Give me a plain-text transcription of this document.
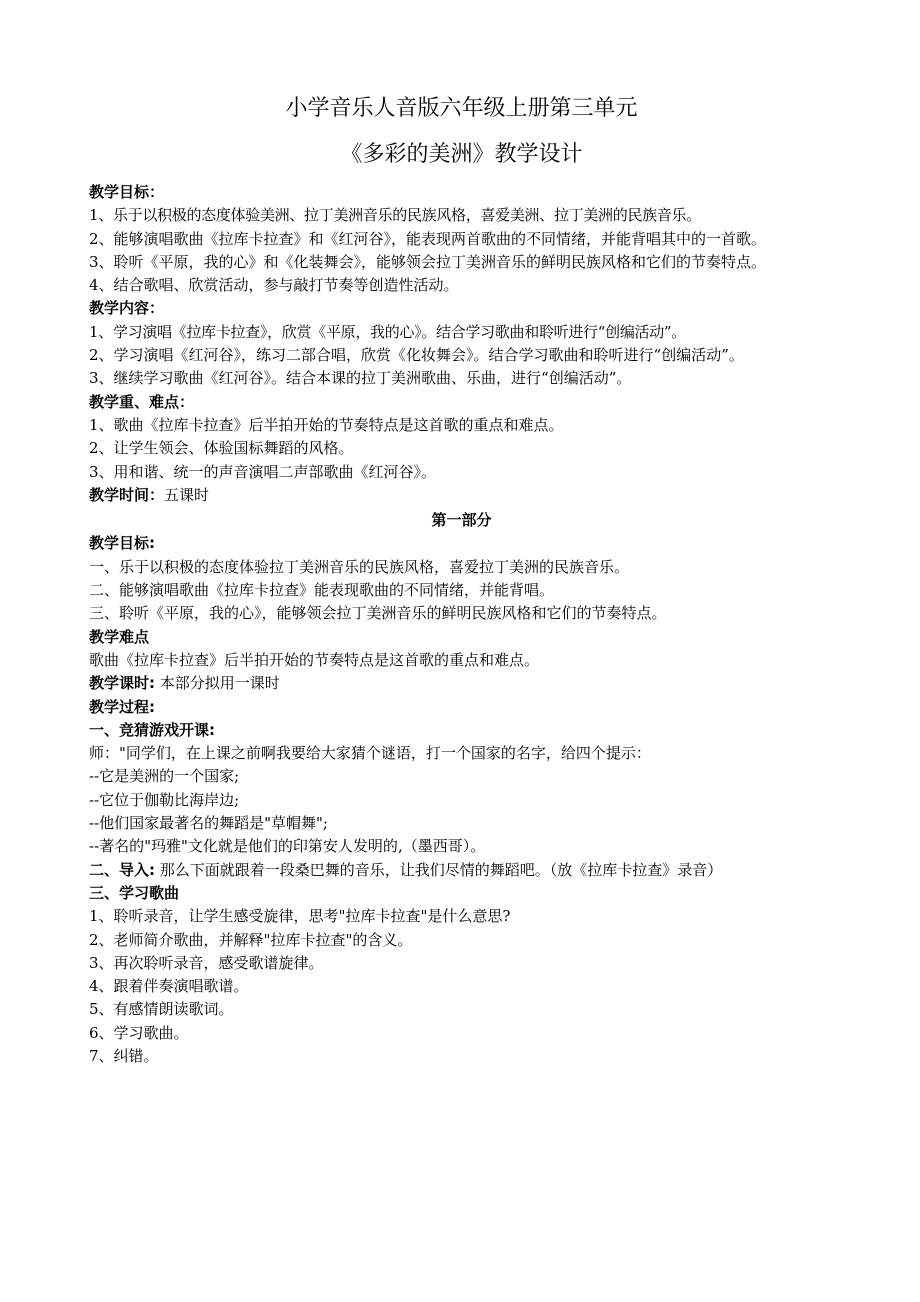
小学音乐人音版六年级上册第三单元

《多彩的美洲》教学设计

教学目标：

1、乐于以积极的态度体验美洲、拉丁美洲音乐的民族风格，喜爱美洲、拉丁美洲的民族音乐。

2、能够演唱歌曲《拉库卡拉查》和《红河谷》，能表现两首歌曲的不同情绪，并能背唱其中的一首歌。

3、聆听《平原，我的心》和《化装舞会》，能够领会拉丁美洲音乐的鲜明民族风格和它们的节奏特点。

4、结合歌唱、欣赏活动，参与敲打节奏等创造性活动。

教学内容：

1、学习演唱《拉库卡拉查》，欣赏《平原，我的心》。结合学习歌曲和聆听进行“创编活动”。

2、学习演唱《红河谷》，练习二部合唱，欣赏《化妆舞会》。结合学习歌曲和聆听进行“创编活动”。

3、继续学习歌曲《红河谷》。结合本课的拉丁美洲歌曲、乐曲，进行“创编活动”。

教学重、难点：

1、歌曲《拉库卡拉查》后半拍开始的节奏特点是这首歌的重点和难点。

2、让学生领会、体验国标舞蹈的风格。

3、用和谐、统一的声音演唱二声部歌曲《红河谷》。

教学时间：五课时

第一部分

教学目标:

一、乐于以积极的态度体验拉丁美洲音乐的民族风格，喜爱拉丁美洲的民族音乐。

二、能够演唱歌曲《拉库卡拉查》能表现歌曲的不同情绪，并能背唱。

三、聆听《平原，我的心》，能够领会拉丁美洲音乐的鲜明民族风格和它们的节奏特点。

教学难点

歌曲《拉库卡拉查》后半拍开始的节奏特点是这首歌的重点和难点。

教学课时: 本部分拟用一课时

教学过程:

一、竞猜游戏开课:

师："同学们，在上课之前啊我要给大家猜个谜语，打一个国家的名字，给四个提示：

--它是美洲的一个国家;

--它位于伽勒比海岸边;

--他们国家最著名的舞蹈是"草帽舞";

--著名的"玛雅"文化就是他们的印第安人发明的,（墨西哥）。

二、导入: 那么下面就跟着一段桑巴舞的音乐，让我们尽情的舞蹈吧。（放《拉库卡拉查》录音）

三、学习歌曲

1、聆听录音，让学生感受旋律，思考"拉库卡拉查"是什么意思?

2、老师简介歌曲，并解释"拉库卡拉查"的含义。

3、再次聆听录音，感受歌谱旋律。

4、跟着伴奏演唱歌谱。

5、有感情朗读歌词。

6、学习歌曲。

7、纠错。
